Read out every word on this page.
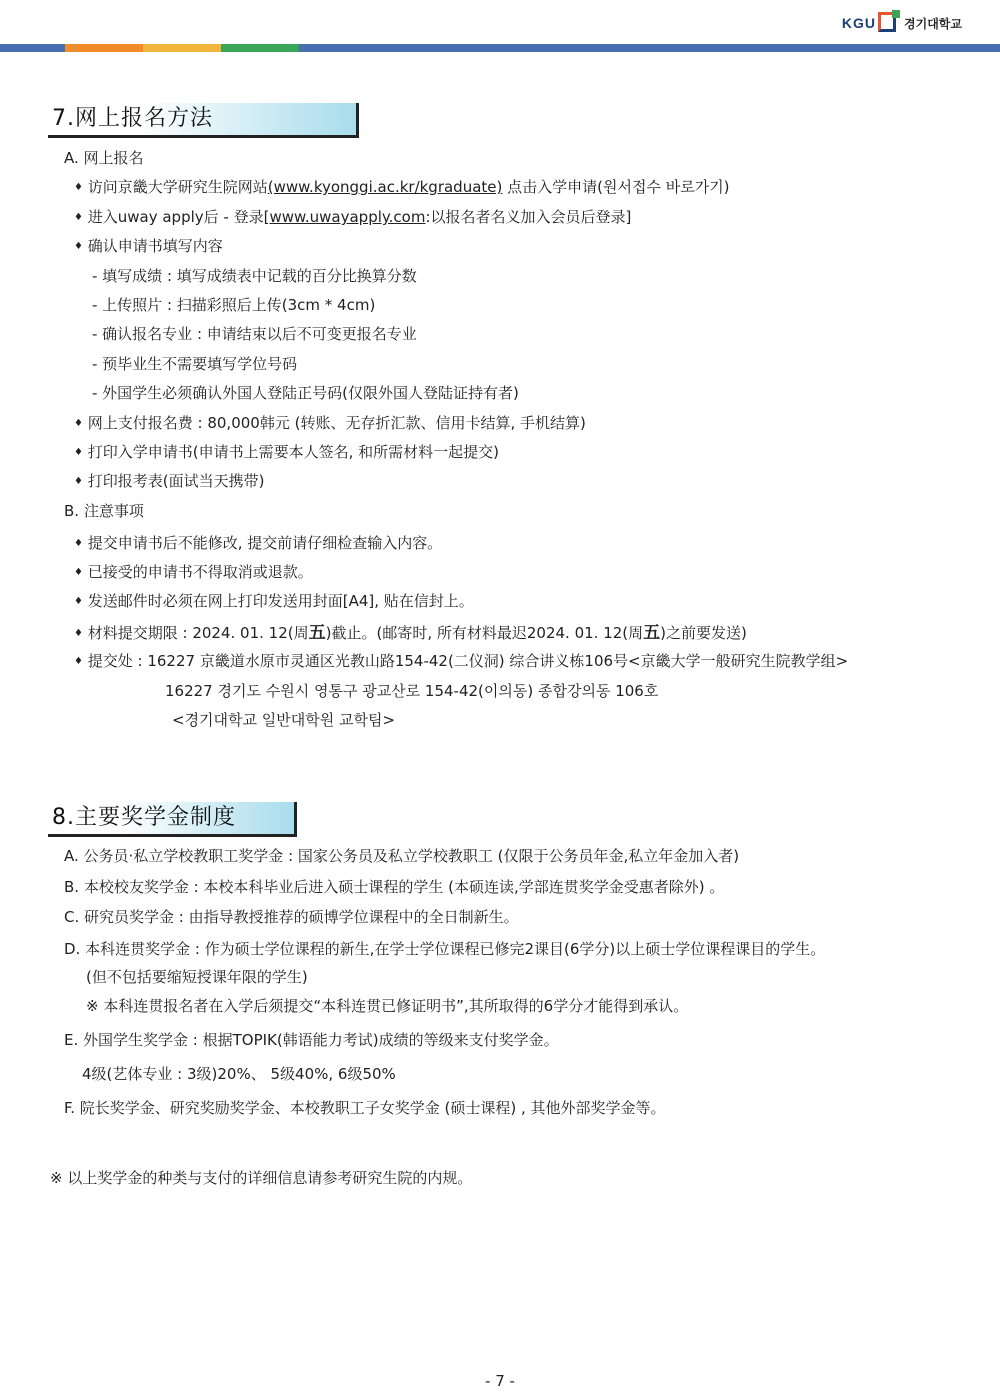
KGU 경기대학교
7.网上报名方法
A. 网上报名
♦ 访问京畿大学研究生院网站(www.kyonggi.ac.kr/kgraduate) 点击入学申请(원서접수 바로가기)
♦ 进入uway apply后 - 登录[www.uwayapply.com:以报名者名义加入会员后登录]
♦ 确认申请书填写内容
- 填写成绩 : 填写成绩表中记载的百分比换算分数
- 上传照片 : 扫描彩照后上传(3cm * 4cm)
- 确认报名专业 : 申请结束以后不可变更报名专业
- 预毕业生不需要填写学位号码
- 外国学生必须确认外国人登陆正号码(仅限外国人登陆证持有者)
♦ 网上支付报名费 : 80,000韩元 (转账、无存折汇款、信用卡结算, 手机结算)
♦ 打印入学申请书(申请书上需要本人签名, 和所需材料一起提交)
♦ 打印报考表(面试当天携带)
B. 注意事项
♦ 提交申请书后不能修改, 提交前请仔细检查输入内容。
♦ 已接受的申请书不得取消或退款。
♦ 发送邮件时必须在网上打印发送用封面[A4], 贴在信封上。
♦ 材料提交期限 : 2024. 01. 12(周五)截止。(邮寄时, 所有材料最迟2024. 01. 12(周五)之前要发送)
♦ 提交处 : 16227 京畿道水原市灵通区光教山路154-42(二仪洞) 综合讲义栋106号<京畿大学一般研究生院教学组>
16227 경기도 수원시 영통구 광교산로 154-42(이의동) 종합강의동 106호
<경기대학교 일반대학원 교학팀>
8.主要奖学金制度
A. 公务员·私立学校教职工奖学金 : 国家公务员及私立学校教职工 (仅限于公务员年金,私立年金加入者)
B. 本校校友奖学金 : 本校本科毕业后进入硕士课程的学生 (本硕连读,学部连贯奖学金受惠者除外) 。
C. 研究员奖学金 : 由指导教授推荐的硕博学位课程中的全日制新生。
D. 本科连贯奖学金 : 作为硕士学位课程的新生,在学士学位课程已修完2课目(6学分)以上硕士学位课程课目的学生。
(但不包括要缩短授课年限的学生)
※ 本科连贯报名者在入学后须提交“本科连贯已修证明书”,其所取得的6学分才能得到承认。
E. 外国学生奖学金 : 根据TOPIK(韩语能力考试)成绩的等级来支付奖学金。
4级(艺体专业 : 3级)20%、 5级40%, 6级50%
F. 院长奖学金、研究奖励奖学金、本校教职工子女奖学金 (硕士课程) , 其他外部奖学金等。
※ 以上奖学金的种类与支付的详细信息请参考研究生院的内规。
- 7 -
